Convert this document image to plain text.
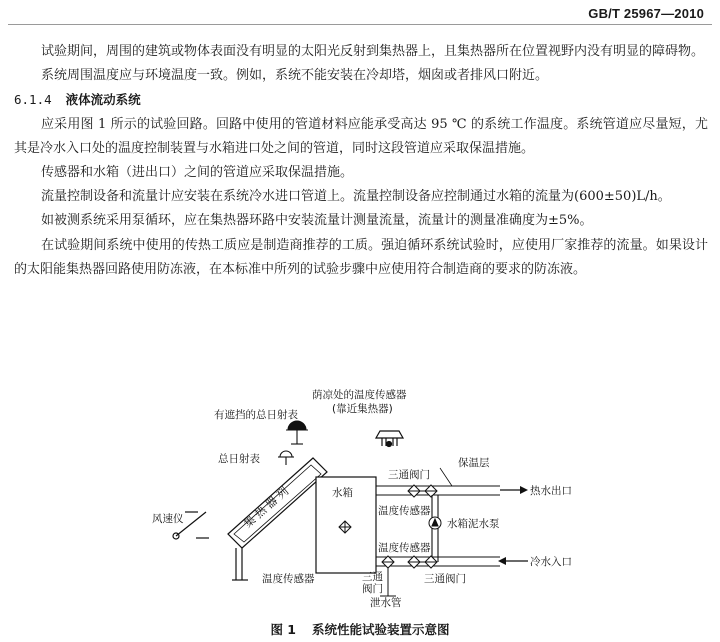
GB/T 25967—2010

试验期间，周围的建筑或物体表面没有明显的太阳光反射到集热器上，且集热器所在位置视野内没有明显的障碍物。

系统周围温度应与环境温度一致。例如，系统不能安装在冷却塔，烟囱或者排风口附近。

6.1.4 液体流动系统

应采用图 1 所示的试验回路。回路中使用的管道材料应能承受高达 95 ℃ 的系统工作温度。系统管道应尽量短，尤其是冷水入口处的温度控制装置与水箱进口处之间的管道，同时这段管道应采取保温措施。

传感器和水箱（进出口）之间的管道应采取保温措施。

流量控制设备和流量计应安装在系统冷水进口管道上。流量控制设备应控制通过水箱的流量为(600±50)L/h。

如被测系统采用泵循环，应在集热器环路中安装流量计测量流量，流量计的测量准确度为±5%。

在试验期间系统中使用的传热工质应是制造商推荐的工质。强迫循环系统试验时，应使用厂家推荐的流量。如果设计的太阳能集热器回路使用防冻液，在本标准中所列的试验步骤中应使用符合制造商的要求的防冻液。

荫凉处的温度传感器
(靠近集热器)
有遮挡的总日射表
总日射表
风速仪	集 热 器 列	水箱	热水出口
保温层
三通阀门
温度传感器
水箱泥水泵
冷水入口
温度传感器
三通阀门
温度传感器	三通
阀门
泄水管
图 1 系统性能试验装置示意图
